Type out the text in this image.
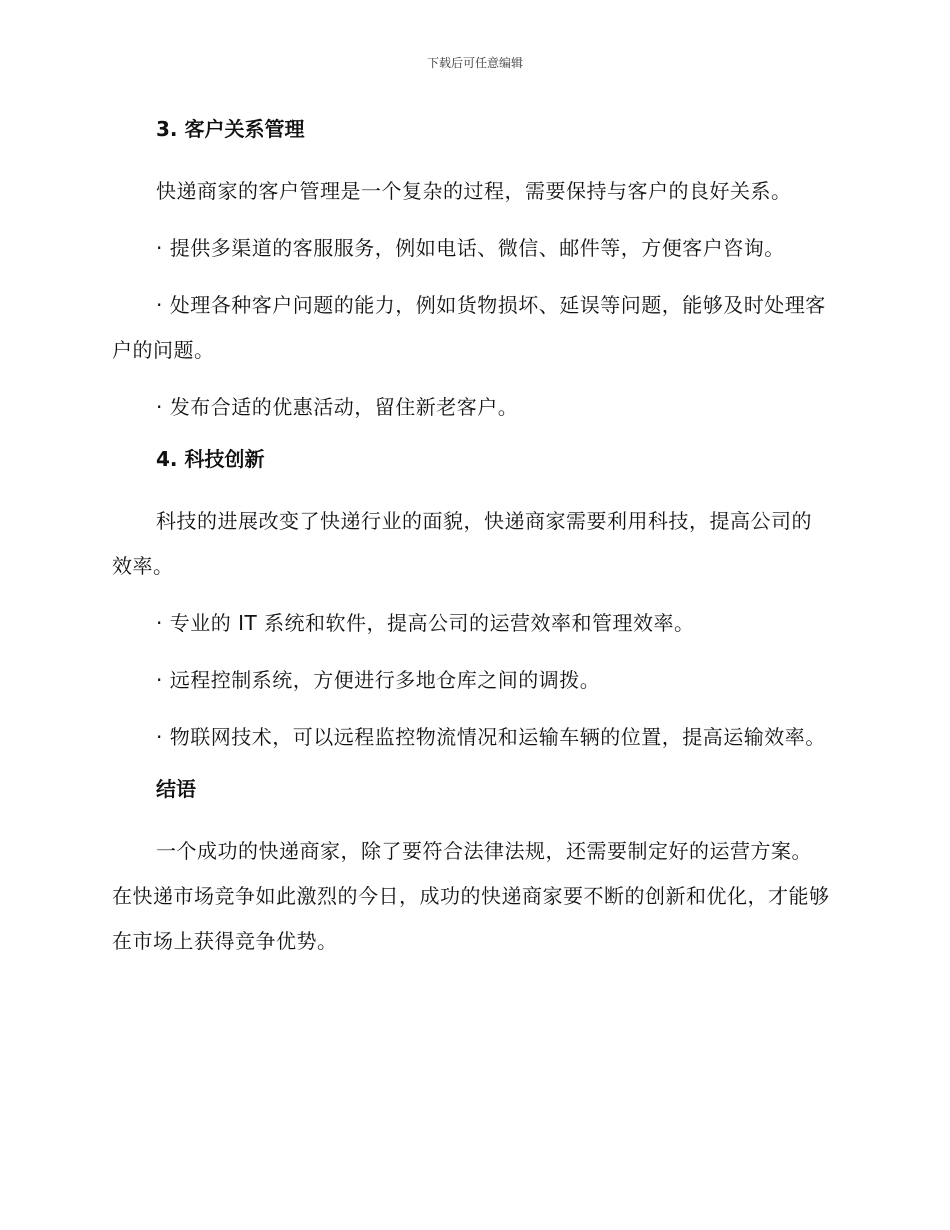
下载后可任意编辑
3. 客户关系管理

快递商家的客户管理是一个复杂的过程，需要保持与客户的良好关系。

· 提供多渠道的客服服务，例如电话、微信、邮件等，方便客户咨询。

· 处理各种客户问题的能力，例如货物损坏、延误等问题，能够及时处理客户的问题。

· 发布合适的优惠活动，留住新老客户。

4. 科技创新

科技的进展改变了快递行业的面貌，快递商家需要利用科技，提高公司的效率。

· 专业的 IT 系统和软件，提高公司的运营效率和管理效率。

· 远程控制系统，方便进行多地仓库之间的调拨。

· 物联网技术，可以远程监控物流情况和运输车辆的位置，提高运输效率。

结语

一个成功的快递商家，除了要符合法律法规，还需要制定好的运营方案。在快递市场竞争如此激烈的今日，成功的快递商家要不断的创新和优化，才能够在市场上获得竞争优势。
